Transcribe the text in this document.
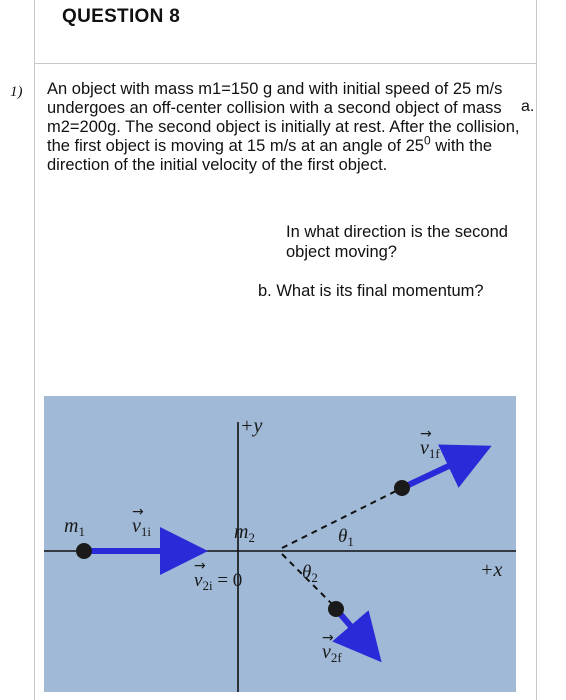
QUESTION 8
1) An object with mass m1=150 g and with initial speed of 25 m/s undergoes an off-center collision with a second object of mass m2=200g. The second object is initially at rest. After the collision, the first object is moving at 15 m/s at an angle of $25^0$ with the direction of the initial velocity of the first object.
a.
In what direction is the second object moving?
b. What is its final momentum?
+y
+x
$m_1$	$m_2$
$v_{1i}$
→
$v_{2i} = 0$
→
$v_{1f}$
→
$v_{2f}$
→
$\theta_1$
$\theta_2$
